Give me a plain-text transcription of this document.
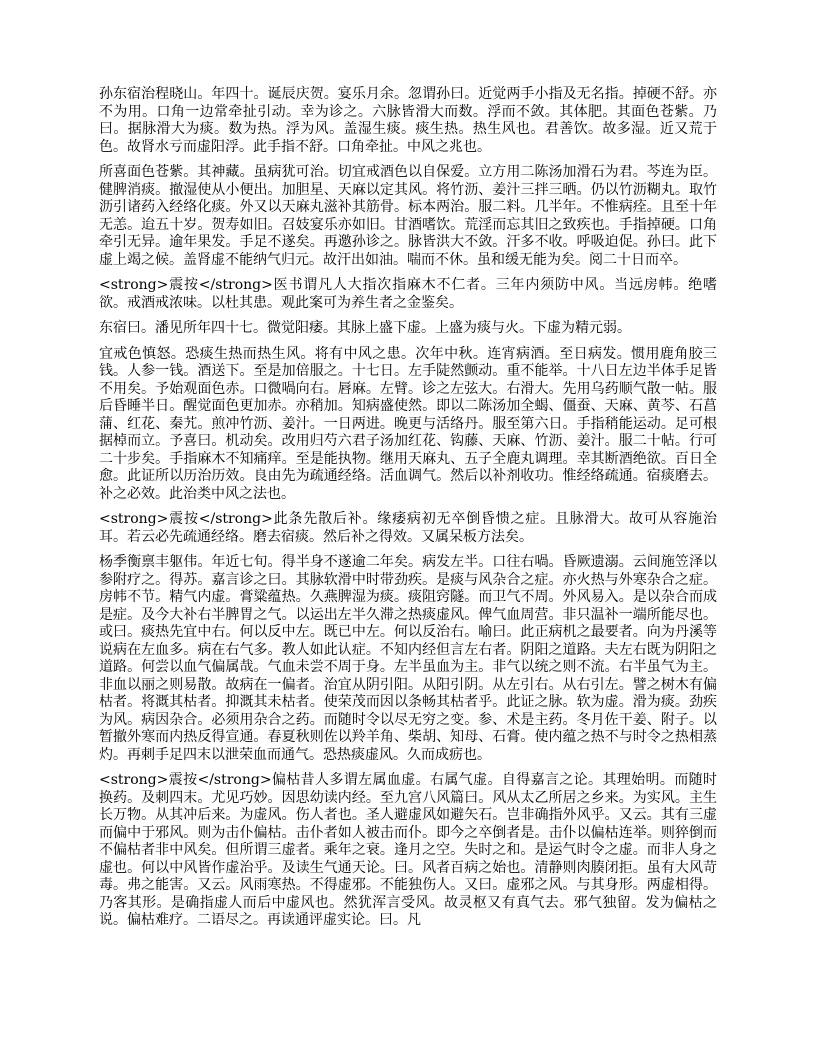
孙东宿治程晓山。年四十。诞辰庆贺。宴乐月余。忽谓孙曰。近觉两手小指及无名指。掉硬不舒。亦不为用。口角一边常牵扯引动。幸为诊之。六脉皆滑大而数。浮而不敛。其体肥。其面色苍紫。乃曰。据脉滑大为痰。数为热。浮为风。盖湿生痰。痰生热。热生风也。君善饮。故多湿。近又荒于色。故肾水亏而虚阳浮。此手指不舒。口角牵扯。中风之兆也。

所喜面色苍紫。其神藏。虽病犹可治。切宜戒酒色以自保爱。立方用二陈汤加滑石为君。芩连为臣。健脾消痰。撤湿使从小便出。加胆星、天麻以定其风。将竹沥、姜汁三拌三晒。仍以竹沥糊丸。取竹沥引诸药入经络化痰。外又以天麻丸滋补其筋骨。标本两治。服二料。几半年。不惟病痊。且至十年无恙。迨五十岁。贺寿如旧。召妓宴乐亦如旧。甘酒嗜饮。荒淫而忘其旧之致疾也。手指掉硬。口角牵引无异。逾年果发。手足不遂矣。再邀孙诊之。脉皆洪大不敛。汗多不收。呼吸迫促。孙曰。此下虚上竭之候。盖肾虚不能纳气归元。故汗出如油。喘而不休。虽和缓无能为矣。阅二十日而卒。

<strong>震按</strong>医书谓凡人大指次指麻木不仁者。三年内须防中风。当远房帏。绝嗜欲。戒酒戒浓味。以杜其患。观此案可为养生者之金鉴矣。

东宿曰。潘见所年四十七。微觉阳痿。其脉上盛下虚。上盛为痰与火。下虚为精元弱。

宜戒色慎怒。恐痰生热而热生风。将有中风之患。次年中秋。连宵病酒。至日病发。惯用鹿角胶三钱。人参一钱。酒送下。至是加倍服之。十七日。左手陡然颤动。重不能举。十八日左边半体手足皆不用矣。予始观面色赤。口微喎向右。唇麻。左臂。诊之左弦大。右滑大。先用乌药顺气散一帖。服后昏睡半日。醒觉面色更加赤。亦稍加。知病盛使然。即以二陈汤加全蝎、僵蚕、天麻、黄芩、石菖蒲、红花、秦艽。煎冲竹沥、姜汁。一日两进。晚更与活络丹。服至第六日。手指稍能运动。足可根据棹而立。予喜曰。机动矣。改用归芍六君子汤加红花、钩藤、天麻、竹沥、姜汁。服二十帖。行可二十步矣。手指麻木不知痛痒。至是能执物。继用天麻丸、五子全鹿丸调理。幸其断酒绝欲。百日全愈。此证所以历治历效。良由先为疏通经络。活血调气。然后以补剂收功。惟经络疏通。宿痰磨去。补之必效。此治类中风之法也。

<strong>震按</strong>此条先散后补。缘痿病初无卒倒昏愦之症。且脉滑大。故可从容施治耳。若云必先疏通经络。磨去宿痰。然后补之得效。又属呆板方法矣。

杨季衡禀丰躯伟。年近七旬。得半身不遂逾二年矣。病发左半。口往右喎。昏厥遗溺。云间施笠泽以参附疗之。得苏。嘉言诊之曰。其脉软滑中时带劲疾。是痰与风杂合之症。亦火热与外寒杂合之症。房帏不节。精气内虚。膏粱蕴热。久燕脾湿为痰。痰阻窍隧。而卫气不周。外风易入。是以杂合而成是症。及今大补右半脾胃之气。以运出左半久滞之热痰虚风。俾气血周营。非只温补一端所能尽也。或曰。痰热先宜中右。何以反中左。既已中左。何以反治右。喻曰。此正病机之最要者。向为丹溪等说病在左血多。病在右气多。教人如此认症。不知内经但言左右者。阴阳之道路。夫左右既为阴阳之道路。何尝以血气偏属哉。气血未尝不周于身。左半虽血为主。非气以统之则不流。右半虽气为主。非血以丽之则易散。故病在一偏者。治宜从阴引阳。从阳引阴。从左引右。从右引左。譬之树木有偏枯者。将溉其枯者。抑溉其未枯者。使荣茂而因以条畅其枯者乎。此证之脉。软为虚。滑为痰。劲疾为风。病因杂合。必须用杂合之药。而随时令以尽无穷之变。参、术是主药。冬月佐干姜、附子。以暂撤外寒而内热反得宣通。春夏秋则佐以羚羊角、柴胡、知母、石膏。使内蕴之热不与时令之热相蒸灼。再刺手足四末以泄荣血而通气。恐热痰虚风。久而成疬也。

<strong>震按</strong>偏枯昔人多谓左属血虚。右属气虚。自得嘉言之论。其理始明。而随时换药。及刺四末。尤见巧妙。因思幼读内经。至九宫八风篇曰。风从太乙所居之乡来。为实风。主生长万物。从其冲后来。为虚风。伤人者也。圣人避虚风如避矢石。岂非确指外风乎。又云。其有三虚而偏中于邪风。则为击仆偏枯。击仆者如人被击而仆。即今之卒倒者是。击仆以偏枯连举。则猝倒而不偏枯者非中风矣。但所谓三虚者。乘年之衰。逢月之空。失时之和。是运气时令之虚。而非人身之虚也。何以中风皆作虚治乎。及读生气通天论。曰。风者百病之始也。清静则肉腠闭拒。虽有大风苛毒。弗之能害。又云。风雨寒热。不得虚邪。不能独伤人。又曰。虚邪之风。与其身形。两虚相得。乃客其形。是确指虚人而后中虚风也。然犹浑言受风。故灵枢又有真气去。邪气独留。发为偏枯之说。偏枯难疗。二语尽之。再读通评虚实论。曰。凡
